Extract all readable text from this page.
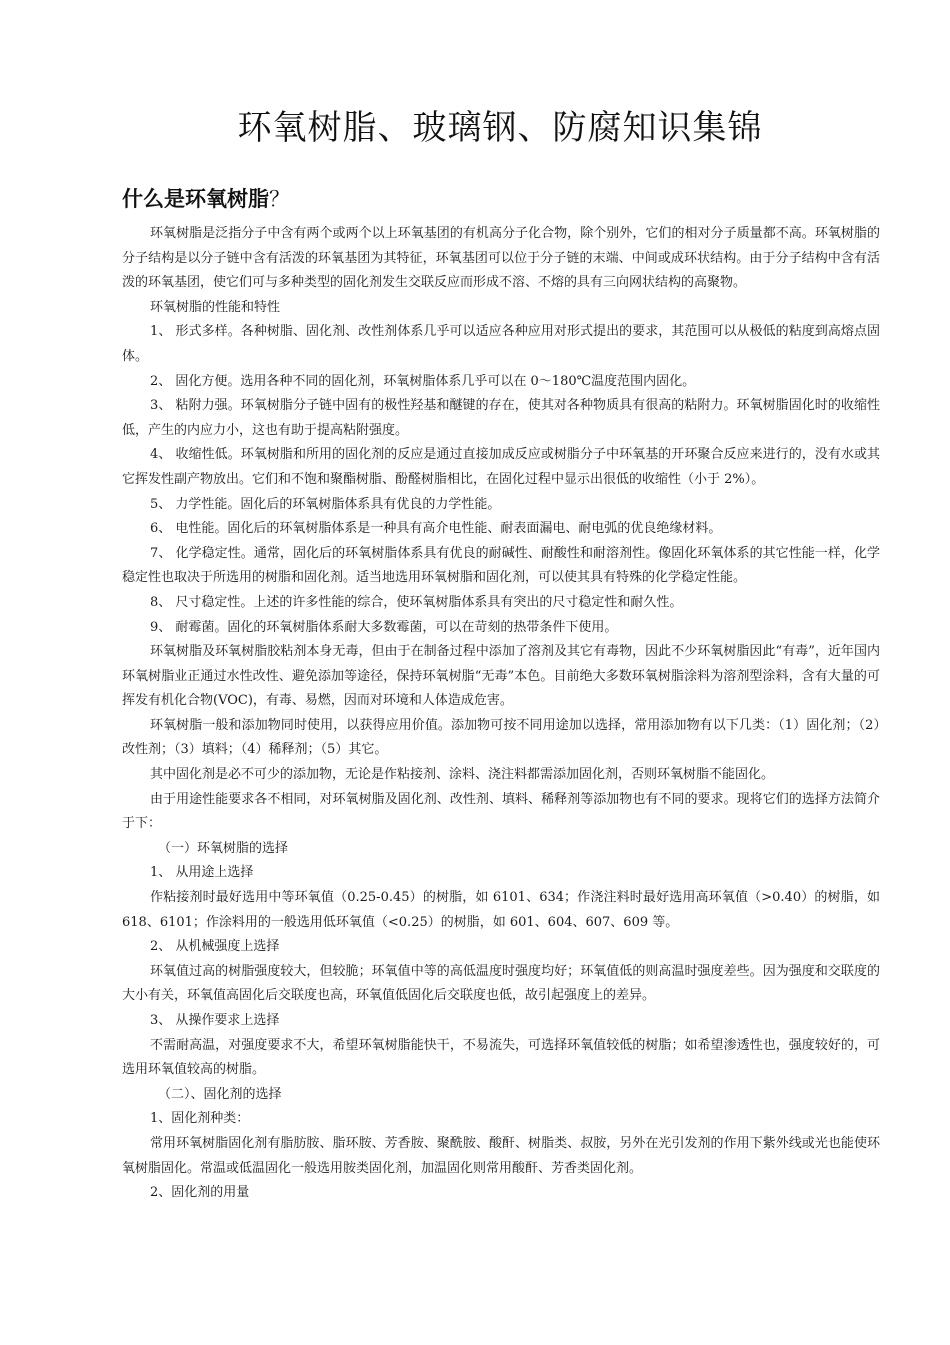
环氧树脂、玻璃钢、防腐知识集锦
什么是环氧树脂？

环氧树脂是泛指分子中含有两个或两个以上环氧基团的有机高分子化合物，除个别外，它们的相对分子质量都不高。环氧树脂的分子结构是以分子链中含有活泼的环氧基团为其特征，环氧基团可以位于分子链的末端、中间或成环状结构。由于分子结构中含有活泼的环氧基团，使它们可与多种类型的固化剂发生交联反应而形成不溶、不熔的具有三向网状结构的高聚物。

环氧树脂的性能和特性

1、 形式多样。各种树脂、固化剂、改性剂体系几乎可以适应各种应用对形式提出的要求，其范围可以从极低的粘度到高熔点固体。

2、 固化方便。选用各种不同的固化剂，环氧树脂体系几乎可以在 0～180℃温度范围内固化。

3、 粘附力强。环氧树脂分子链中固有的极性羟基和醚键的存在，使其对各种物质具有很高的粘附力。环氧树脂固化时的收缩性低，产生的内应力小，这也有助于提高粘附强度。

4、 收缩性低。环氧树脂和所用的固化剂的反应是通过直接加成反应或树脂分子中环氧基的开环聚合反应来进行的，没有水或其它挥发性副产物放出。它们和不饱和聚酯树脂、酚醛树脂相比，在固化过程中显示出很低的收缩性（小于 2%）。

5、 力学性能。固化后的环氧树脂体系具有优良的力学性能。

6、 电性能。固化后的环氧树脂体系是一种具有高介电性能、耐表面漏电、耐电弧的优良绝缘材料。

7、 化学稳定性。通常，固化后的环氧树脂体系具有优良的耐碱性、耐酸性和耐溶剂性。像固化环氧体系的其它性能一样，化学稳定性也取决于所选用的树脂和固化剂。适当地选用环氧树脂和固化剂，可以使其具有特殊的化学稳定性能。

8、 尺寸稳定性。上述的许多性能的综合，使环氧树脂体系具有突出的尺寸稳定性和耐久性。

9、 耐霉菌。固化的环氧树脂体系耐大多数霉菌，可以在苛刻的热带条件下使用。

环氧树脂及环氧树脂胶粘剂本身无毒，但由于在制备过程中添加了溶剂及其它有毒物，因此不少环氧树脂因此“有毒”，近年国内环氧树脂业正通过水性改性、避免添加等途径，保持环氧树脂“无毒”本色。目前绝大多数环氧树脂涂料为溶剂型涂料，含有大量的可挥发有机化合物(VOC)，有毒、易燃，因而对环境和人体造成危害。

环氧树脂一般和添加物同时使用，以获得应用价值。添加物可按不同用途加以选择，常用添加物有以下几类：（1）固化剂；（2）改性剂；（3）填料；（4）稀释剂；（5）其它。

其中固化剂是必不可少的添加物，无论是作粘接剂、涂料、浇注料都需添加固化剂，否则环氧树脂不能固化。

由于用途性能要求各不相同，对环氧树脂及固化剂、改性剂、填料、稀释剂等添加物也有不同的要求。现将它们的选择方法简介于下：

（一）环氧树脂的选择

1、 从用途上选择

作粘接剂时最好选用中等环氧值（0.25-0.45）的树脂，如 6101、634；作浇注料时最好选用高环氧值（>0.40）的树脂，如 618、6101；作涂料用的一般选用低环氧值（<0.25）的树脂，如 601、604、607、609 等。

2、 从机械强度上选择

环氧值过高的树脂强度较大，但较脆；环氧值中等的高低温度时强度均好；环氧值低的则高温时强度差些。因为强度和交联度的大小有关，环氧值高固化后交联度也高，环氧值低固化后交联度也低，故引起强度上的差异。

3、 从操作要求上选择

不需耐高温，对强度要求不大，希望环氧树脂能快干，不易流失，可选择环氧值较低的树脂；如希望渗透性也，强度较好的，可选用环氧值较高的树脂。

（二）、固化剂的选择

1、固化剂种类：

常用环氧树脂固化剂有脂肪胺、脂环胺、芳香胺、聚酰胺、酸酐、树脂类、叔胺，另外在光引发剂的作用下紫外线或光也能使环氧树脂固化。常温或低温固化一般选用胺类固化剂，加温固化则常用酸酐、芳香类固化剂。

2、固化剂的用量
